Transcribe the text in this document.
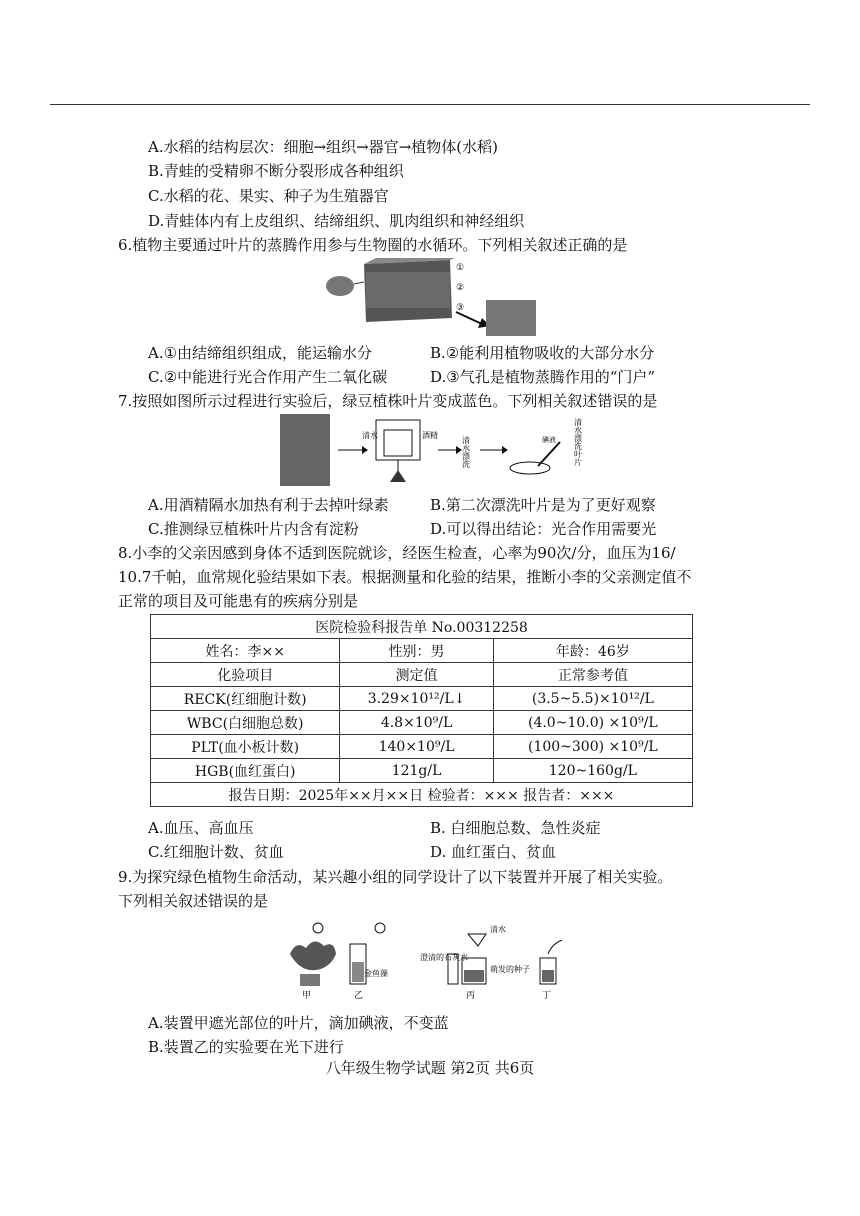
A.水稻的结构层次：细胞→组织→器官→植物体(水稻)
B.青蛙的受精卵不断分裂形成各种组织
C.水稻的花、果实、种子为生殖器官
D.青蛙体内有上皮组织、结缔组织、肌肉组织和神经组织
6.植物主要通过叶片的蒸腾作用参与生物圈的水循环。下列相关叙述正确的是
①
②
③
A.①由结缔组织组成，能运输水分	B.②能利用植物吸收的大部分水分
C.②中能进行光合作用产生二氧化碳	D.③气孔是植物蒸腾作用的“门户”
7.按照如图所示过程进行实验后，绿豆植株叶片变成蓝色。下列相关叙述错误的是
清水	酒精
清水漂洗	碘液 清水漂洗叶片
A.用酒精隔水加热有利于去掉叶绿素	B.第二次漂洗叶片是为了更好观察
C.推测绿豆植株叶片内含有淀粉	D.可以得出结论：光合作用需要光
8.小李的父亲因感到身体不适到医院就诊，经医生检查，心率为90次/分，血压为16/
10.7千帕，血常规化验结果如下表。根据测量和化验的结果，推断小李的父亲测定值不
正常的项目及可能患有的疾病分别是
医院检验科报告单 No.00312258		
姓名：李××	性别：男	年龄：46岁
化验项目	测定值	正常参考值
RECK(红细胞计数)	3.29×10¹²/L↓	(3.5~5.5)×10¹²/L
WBC(白细胞总数)	4.8×10⁹/L	(4.0~10.0) ×10⁹/L
PLT(血小板计数)	140×10⁹/L	(100~300) ×10⁹/L
HGB(血红蛋白)	121g/L	120~160g/L
报告日期：2025年××月××日 检验者：××× 报告者：×××		
A.血压、高血压	B. 白细胞总数、急性炎症
C.红细胞计数、贫血	D. 血红蛋白、贫血
9.为探究绿色植物生命活动，某兴趣小组的同学设计了以下装置并开展了相关实验。
下列相关叙述错误的是
甲
金鱼藻
乙
澄清的石灰水
清水
萌发的种子
丙	丁
A.装置甲遮光部位的叶片，滴加碘液，不变蓝
B.装置乙的实验要在光下进行
八年级生物学试题 第2页 共6页
